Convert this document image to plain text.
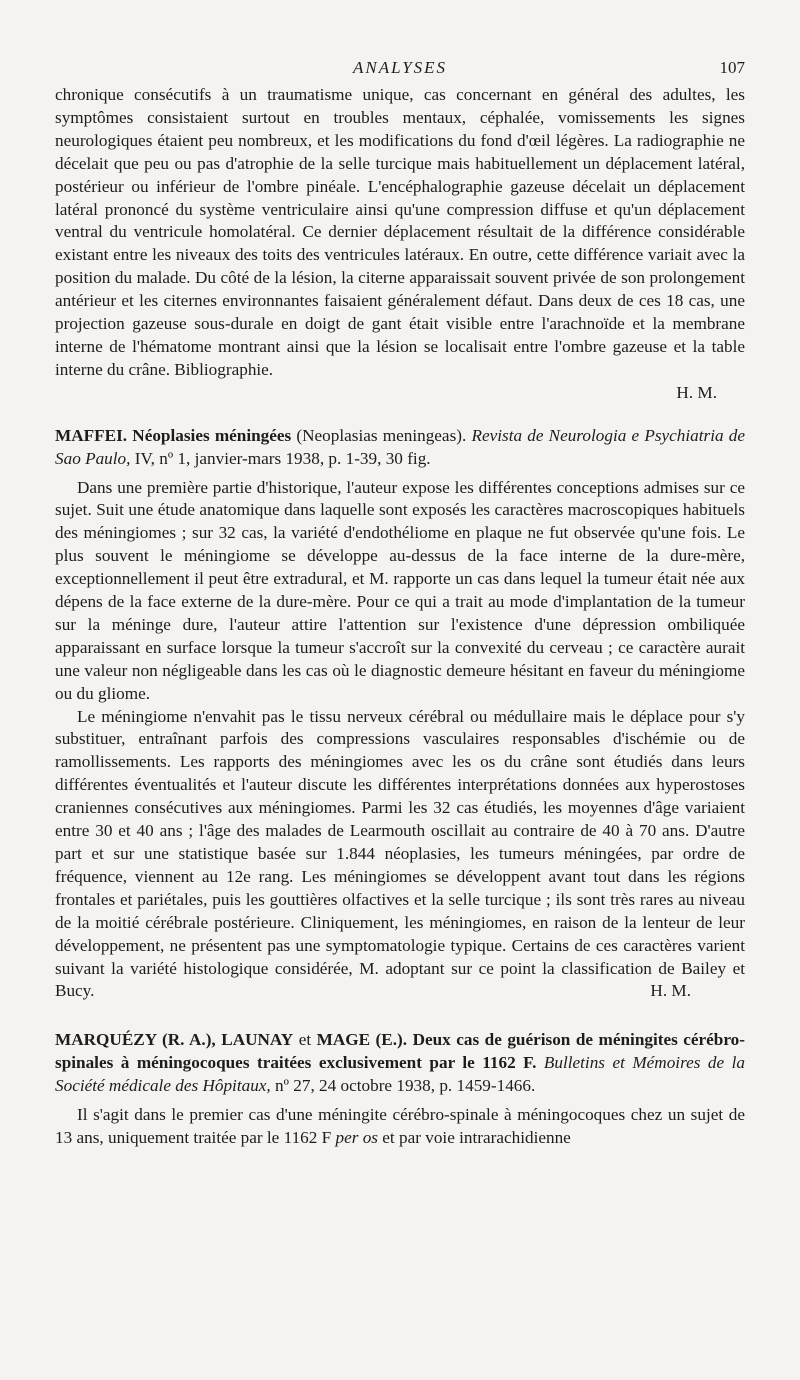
ANALYSES	107

chronique consécutifs à un traumatisme unique, cas concernant en général des adultes, les symptômes consistaient surtout en troubles mentaux, céphalée, vomissements les signes neurologiques étaient peu nombreux, et les modifications du fond d'œil légères. La radiographie ne décelait que peu ou pas d'atrophie de la selle turcique mais habituellement un déplacement latéral, postérieur ou inférieur de l'ombre pinéale. L'encéphalographie gazeuse décelait un déplacement latéral prononcé du système ventriculaire ainsi qu'une compression diffuse et qu'un déplacement ventral du ventricule homolatéral. Ce dernier déplacement résultait de la différence considérable existant entre les niveaux des toits des ventricules latéraux. En outre, cette différence variait avec la position du malade. Du côté de la lésion, la citerne apparaissait souvent privée de son prolongement antérieur et les citernes environnantes faisaient généralement défaut. Dans deux de ces 18 cas, une projection gazeuse sous-durale en doigt de gant était visible entre l'arachnoïde et la membrane interne de l'hématome montrant ainsi que la lésion se localisait entre l'ombre gazeuse et la table interne du crâne. Bibliographie.

H. M.

MAFFEI. Néoplasies méningées (Neoplasias meningeas). Revista de Neurologia e Psychiatria de Sao Paulo, IV, nº 1, janvier-mars 1938, p. 1-39, 30 fig.

Dans une première partie d'historique, l'auteur expose les différentes conceptions admises sur ce sujet. Suit une étude anatomique dans laquelle sont exposés les caractères macroscopiques habituels des méningiomes ; sur 32 cas, la variété d'endothéliome en plaque ne fut observée qu'une fois. Le plus souvent le méningiome se développe au-dessus de la face interne de la dure-mère, exceptionnellement il peut être extradural, et M. rapporte un cas dans lequel la tumeur était née aux dépens de la face externe de la dure-mère. Pour ce qui a trait au mode d'implantation de la tumeur sur la méninge dure, l'auteur attire l'attention sur l'existence d'une dépression ombiliquée apparaissant en surface lorsque la tumeur s'accroît sur la convexité du cerveau ; ce caractère aurait une valeur non négligeable dans les cas où le diagnostic demeure hésitant en faveur du méningiome ou du gliome.

Le méningiome n'envahit pas le tissu nerveux cérébral ou médullaire mais le déplace pour s'y substituer, entraînant parfois des compressions vasculaires responsables d'ischémie ou de ramollissements. Les rapports des méningiomes avec les os du crâne sont étudiés dans leurs différentes éventualités et l'auteur discute les différentes interprétations données aux hyperostoses craniennes consécutives aux méningiomes. Parmi les 32 cas étudiés, les moyennes d'âge variaient entre 30 et 40 ans ; l'âge des malades de Learmouth oscillait au contraire de 40 à 70 ans. D'autre part et sur une statistique basée sur 1.844 néoplasies, les tumeurs méningées, par ordre de fréquence, viennent au 12e rang. Les méningiomes se développent avant tout dans les régions frontales et pariétales, puis les gouttières olfactives et la selle turcique ; ils sont très rares au niveau de la moitié cérébrale postérieure. Cliniquement, les méningiomes, en raison de la lenteur de leur développement, ne présentent pas une symptomatologie typique. Certains de ces caractères varient suivant la variété histologique considérée, M. adoptant sur ce point la classification de Bailey et Bucy.	H. M.

MARQUÉZY (R. A.), LAUNAY et MAGE (E.). Deux cas de guérison de méningites cérébro-spinales à méningocoques traitées exclusivement par le 1162 F. Bulletins et Mémoires de la Société médicale des Hôpitaux, nº 27, 24 octobre 1938, p. 1459-1466.

Il s'agit dans le premier cas d'une méningite cérébro-spinale à méningocoques chez un sujet de 13 ans, uniquement traitée par le 1162 F per os et par voie intrarachidienne
